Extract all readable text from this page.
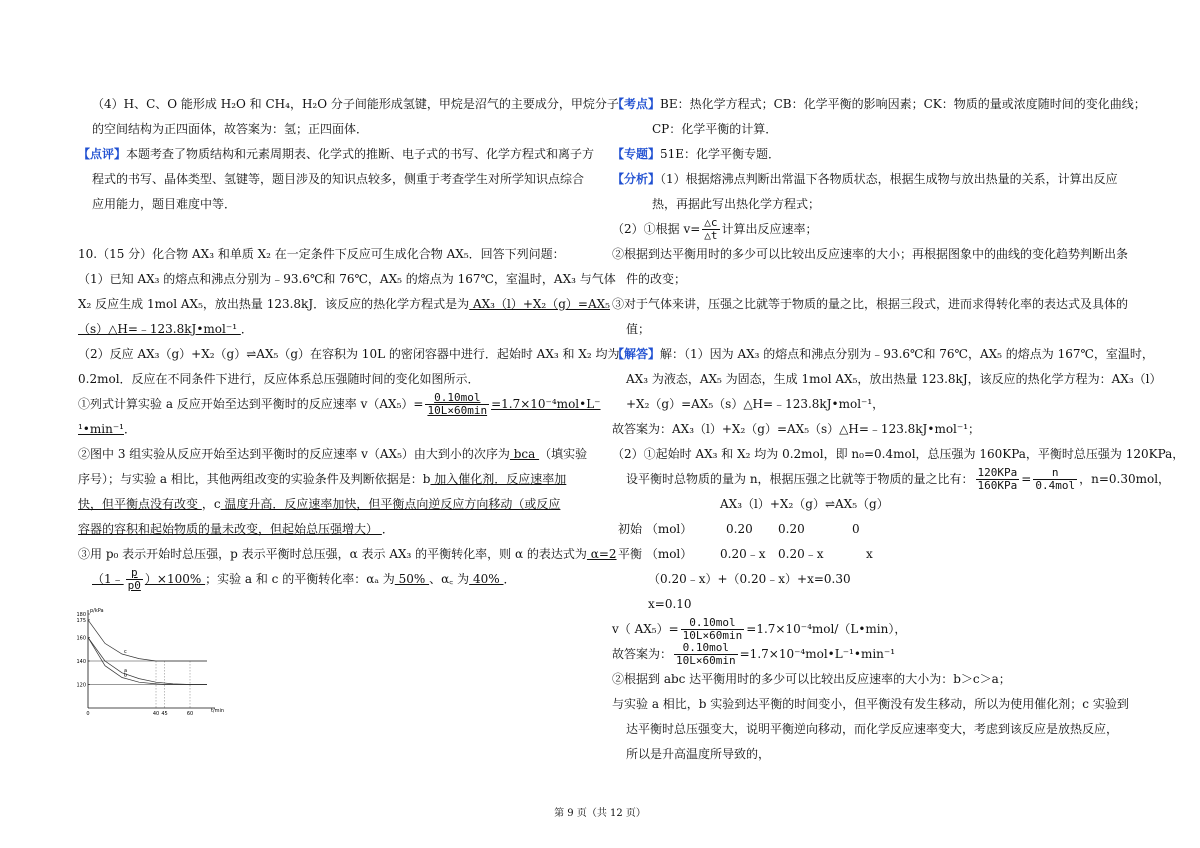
（4）H、C、O 能形成 H₂O 和 CH₄，H₂O 分子间能形成氢键，甲烷是沼气的主要成分，甲烷分子
的空间结构为正四面体，故答案为：氢；正四面体．
【点评】本题考查了物质结构和元素周期表、化学式的推断、电子式的书写、化学方程式和离子方
程式的书写、晶体类型、氢键等，题目涉及的知识点较多，侧重于考查学生对所学知识点综合
应用能力，题目难度中等．
10.（15 分）化合物 AX₃ 和单质 X₂ 在一定条件下反应可生成化合物 AX₅．回答下列问题：
（1）已知 AX₃ 的熔点和沸点分别为﹣93.6℃和 76℃，AX₅ 的熔点为 167℃，室温时，AX₃ 与气体
X₂ 反应生成 1mol AX₅，放出热量 123.8kJ．该反应的热化学方程式是为 AX₃（l）+X₂（g）=AX₅
（s）△H=﹣123.8kJ•mol⁻¹ ．
（2）反应 AX₃（g）+X₂（g）⇌AX₅（g）在容积为 10L 的密闭容器中进行．起始时 AX₃ 和 X₂ 均为
0.2mol．反应在不同条件下进行，反应体系总压强随时间的变化如图所示．
①列式计算实验 a 反应开始至达到平衡时的反应速率 $v(AX_5)= \frac{\text{0.10mol}}{10L\times 60\min}$ =1.7×10⁻⁴mol•L⁻
¹•min⁻¹．
②图中 3 组实验从反应开始至达到平衡时的反应速率 v（AX₅）由大到小的次序为 bca （填实验
序号）；与实验 a 相比，其他两组改变的实验条件及判断依据是：b 加入催化剂．反应速率加
快，但平衡点没有改变 ，c 温度升高．反应速率加快，但平衡点向逆反应方向移动（或反应
容器的容积和起始物质的量未改变，但起始总压强增大） ．
③用 p₀ 表示开始时总压强，p 表示平衡时总压强，α 表示 AX₃ 的平衡转化率，则 α 的表达式为 α=2
（1﹣ $\frac{p}{p0} )\times 100\%$ ；实验 a 和 c 的平衡转化率：αₐ 为 50% 、α꜀ 为 40% ．
p/kPa
t/min
180
175
160
140
120
0	40 45	60
a
b
c
【考点】BE：热化学方程式；CB：化学平衡的影响因素；CK：物质的量或浓度随时间的变化曲线；
CP：化学平衡的计算．
【专题】51E：化学平衡专题．
【分析】（1）根据熔沸点判断出常温下各物质状态，根据生成物与放出热量的关系，计算出反应
热，再据此写出热化学方程式；
（2）①根据 $v= \frac{\triangle c}{\triangle t}$ 计算出反应速率；
②根据到达平衡用时的多少可以比较出反应速率的大小；再根据图象中的曲线的变化趋势判断出条
件的改变；
③对于气体来讲，压强之比就等于物质的量之比，根据三段式，进而求得转化率的表达式及具体的
值；
【解答】解：（1）因为 AX₃ 的熔点和沸点分别为﹣93.6℃和 76℃，AX₅ 的熔点为 167℃，室温时，
AX₃ 为液态，AX₅ 为固态，生成 1mol AX₅，放出热量 123.8kJ，该反应的热化学方程为：AX₃（l）
+X₂（g）=AX₅（s）△H=﹣123.8kJ•mol⁻¹，
故答案为：AX₃（l）+X₂（g）=AX₅（s）△H=﹣123.8kJ•mol⁻¹；
（2）①起始时 AX₃ 和 X₂ 均为 0.2mol，即 n₀=0.4mol，总压强为 160KPa，平衡时总压强为 120KPa，
设平衡时总物质的量为 n，根据压强之比就等于物质的量之比有： $\frac{\text{120KPa}}{\text{160KPa}} = \frac{n}{\text{0.4mol}}$ ，n=0.30mol，
AX₃（l）+X₂（g）⇌AX₅（g）
初始 （mol）	0.20 0.20	0
平衡 （mol） 0.20﹣x 0.20﹣x	x
（0.20﹣x）+（0.20﹣x）+x=0.30
x=0.10
v（ $AX_5)= \frac{\text{0.10mol}}{10L\times 60\min}$ =1.7×10⁻⁴mol/（L•min），
故答案为： $\frac{\text{0.10mol}}{10L\times 60\min}$ =1.7×10⁻⁴mol•L⁻¹•min⁻¹
②根据到 abc 达平衡用时的多少可以比较出反应速率的大小为：b＞c＞a；
与实验 a 相比，b 实验到达平衡的时间变小，但平衡没有发生移动，所以为使用催化剂；c 实验到
达平衡时总压强变大，说明平衡逆向移动，而化学反应速率变大，考虑到该反应是放热反应，
所以是升高温度所导致的，
第 9 页（共 12 页）
